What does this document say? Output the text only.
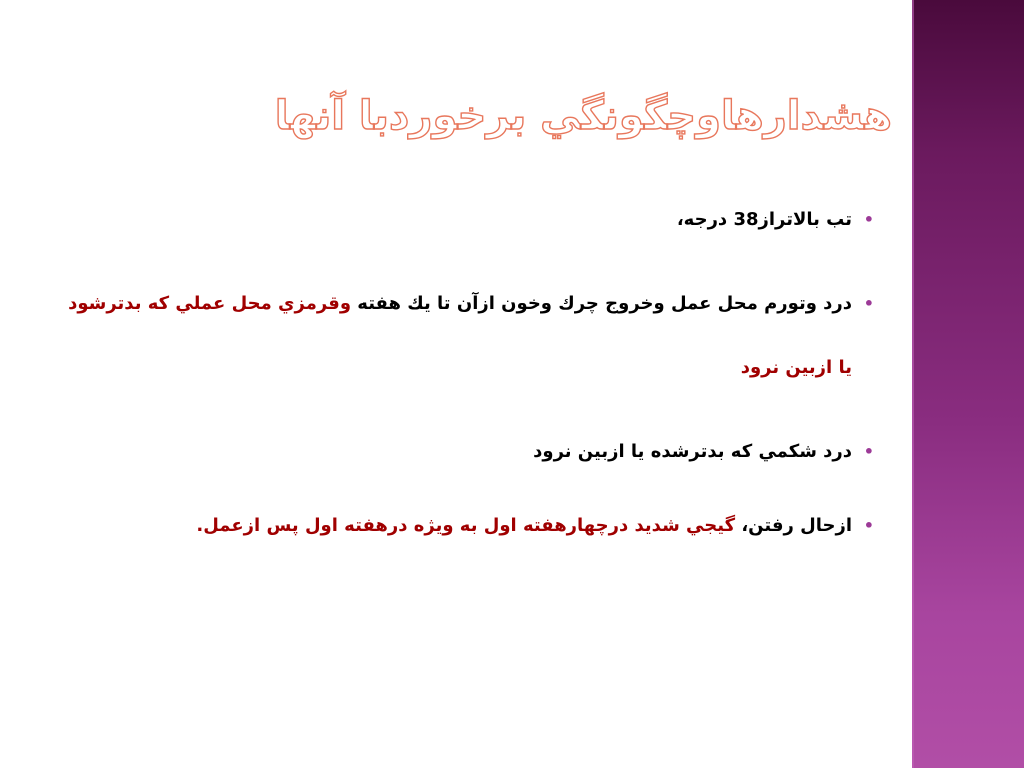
هشدارهاوچگونگي برخوردبا آنها

•
تب بالاتراز38 درجه،

•
درد وتورم محل عمل وخروج چرك وخون ازآن تا يك هفته وقرمزي محل عملي كه بدترشود يا ازبين نرود

•
درد شكمي كه بدترشده يا ازبين نرود

•
ازحال رفتن، گيجي شديد درچهارهفته اول به ويژه درهفته اول پس ازعمل.
